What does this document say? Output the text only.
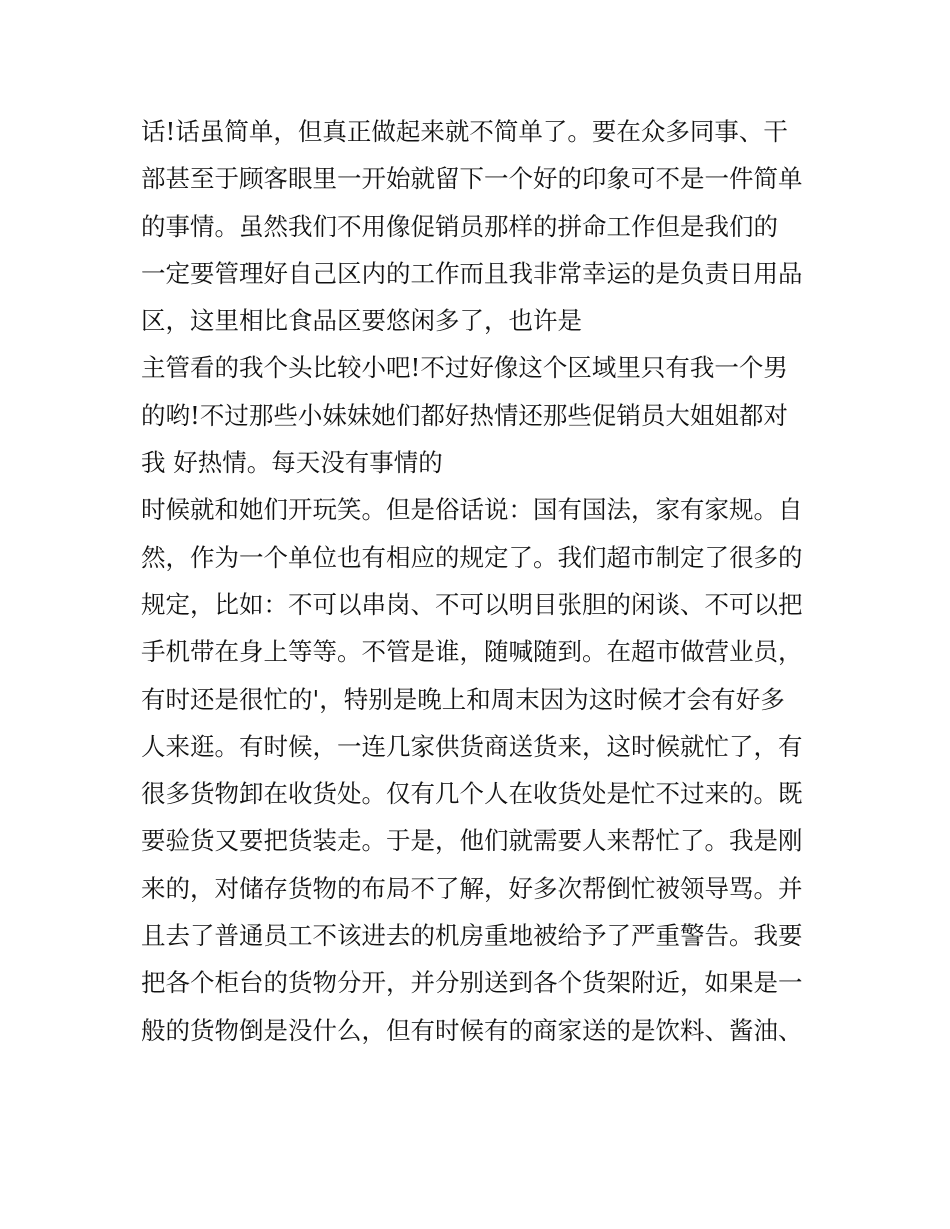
话!话虽简单，但真正做起来就不简单了。要在众多同事、干
部甚至于顾客眼里一开始就留下一个好的印象可不是一件简单
的事情。虽然我们不用像促销员那样的拼命工作但是我们的
一定要管理好自己区内的工作而且我非常幸运的是负责日用品
区，这里相比食品区要悠闲多了，也许是
主管看的我个头比较小吧!不过好像这个区域里只有我一个男
的哟!不过那些小妹妹她们都好热情还那些促销员大姐姐都对
我 好热情。每天没有事情的
时候就和她们开玩笑。但是俗话说：国有国法，家有家规。自
然，作为一个单位也有相应的规定了。我们超市制定了很多的
规定，比如：不可以串岗、不可以明目张胆的闲谈、不可以把
手机带在身上等等。不管是谁，随喊随到。在超市做营业员，
有时还是很忙的'，特别是晚上和周末因为这时候才会有好多
人来逛。有时候，一连几家供货商送货来，这时候就忙了，有
很多货物卸在收货处。仅有几个人在收货处是忙不过来的。既
要验货又要把货装走。于是，他们就需要人来帮忙了。我是刚
来的，对储存货物的布局不了解，好多次帮倒忙被领导骂。并
且去了普通员工不该进去的机房重地被给予了严重警告。我要
把各个柜台的货物分开，并分别送到各个货架附近，如果是一
般的货物倒是没什么，但有时候有的商家送的是饮料、酱油、
